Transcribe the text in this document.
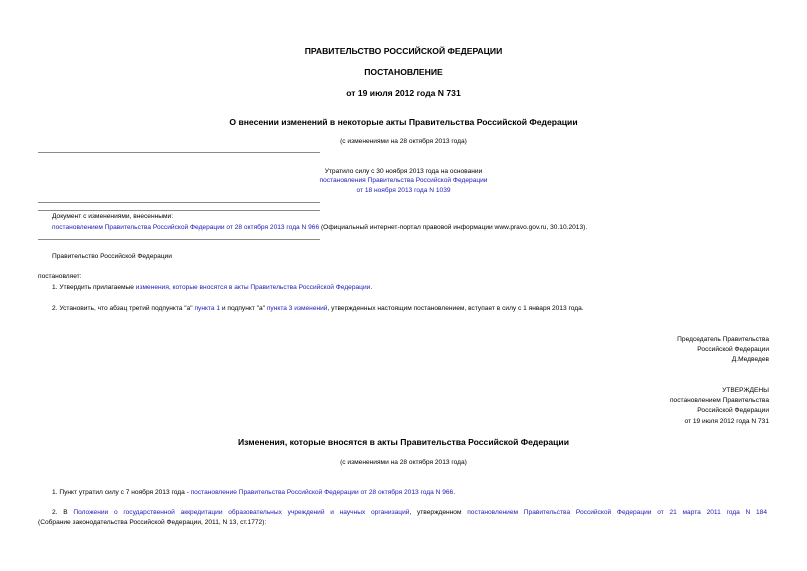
ПРАВИТЕЛЬСТВО РОССИЙСКОЙ ФЕДЕРАЦИИ
ПОСТАНОВЛЕНИЕ
от 19 июля 2012 года N 731
О внесении изменений в некоторые акты Правительства Российской Федерации
(с изменениями на 28 октября 2013 года)
Утратило силу с 30 ноября 2013 года на основании
постановления Правительства Российской Федерации
от 18 ноября 2013 года N 1039
Документ с изменениями, внесенными:
постановлением Правительства Российской Федерации от 28 октября 2013 года N 966 (Официальный интернет-портал правовой информации www.pravo.gov.ru, 30.10.2013).
Правительство Российской Федерации
постановляет:
1. Утвердить прилагаемые изменения, которые вносятся в акты Правительства Российской Федерации.
2. Установить, что абзац третий подпункта "а" пункта 1 и подпункт "а" пункта 3 изменений, утвержденных настоящим постановлением, вступает в силу с 1 января 2013 года.
Председатель Правительства
Российской Федерации
Д.Медведев
УТВЕРЖДЕНЫ
постановлением Правительства
Российской Федерации
от 19 июля 2012 года N 731
Изменения, которые вносятся в акты Правительства Российской Федерации
(с изменениями на 28 октября 2013 года)
1. Пункт утратил силу с 7 ноября 2013 года - постановление Правительства Российской Федерации от 28 октября 2013 года N 966.
2. В Положении о государственной аккредитации образовательных учреждений и научных организаций, утвержденном постановлением Правительства Российской Федерации от 21 марта 2011 года N 184
(Собрание законодательства Российской Федерации, 2011, N 13, ст.1772):
